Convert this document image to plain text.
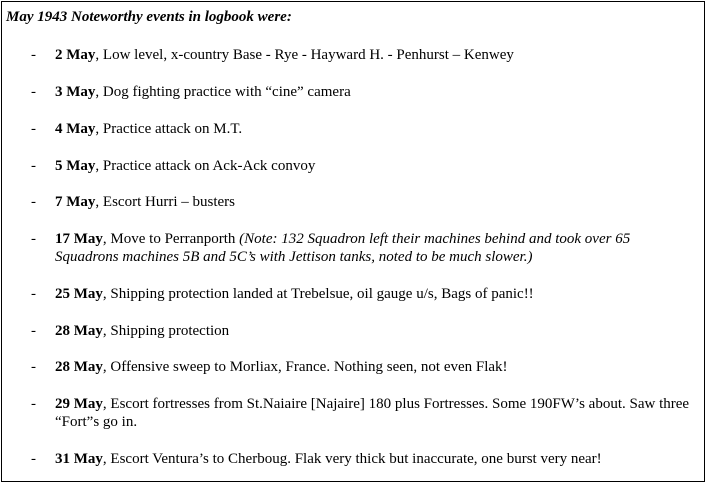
May 1943 Noteworthy events in logbook were:
- 2 May, Low level, x-country Base - Rye - Hayward H. - Penhurst – Kenwey
- 3 May, Dog fighting practice with “cine” camera
- 4 May, Practice attack on M.T.
- 5 May, Practice attack on Ack-Ack convoy
- 7 May, Escort Hurri – busters
- 17 May, Move to Perranporth (Note: 132 Squadron left their machines behind and took over 65 Squadrons machines 5B and 5C’s with Jettison tanks, noted to be much slower.)
- 25 May, Shipping protection landed at Trebelsue, oil gauge u/s, Bags of panic!!
- 28 May, Shipping protection
- 28 May, Offensive sweep to Morliax, France. Nothing seen, not even Flak!
- 29 May, Escort fortresses from St.Naiaire [Najaire] 180 plus Fortresses. Some 190FW’s about. Saw three “Fort”s go in.
- 31 May, Escort Ventura’s to Cherboug. Flak very thick but inaccurate, one burst very near!
